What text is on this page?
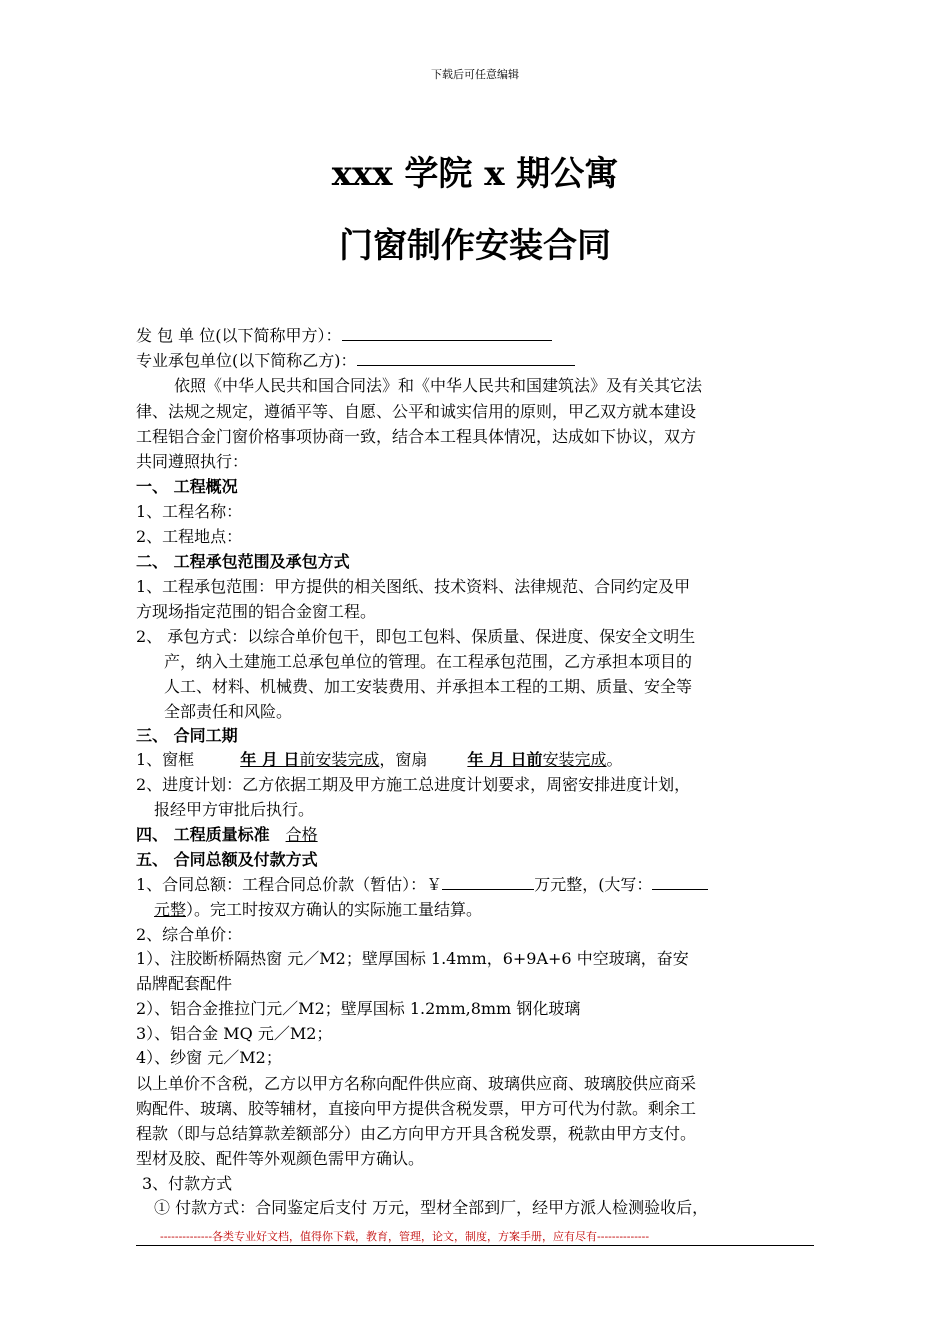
下载后可任意编辑
xxx 学院 x 期公寓
门窗制作安装合同
发 包 单 位(以下简称甲方）：
专业承包单位(以下简称乙方)：
依照《中华人民共和国合同法》和《中华人民共和国建筑法》及有关其它法
律、法规之规定，遵循平等、自愿、公平和诚实信用的原则，甲乙双方就本建设
工程铝合金门窗价格事项协商一致，结合本工程具体情况，达成如下协议，双方
共同遵照执行：
一、 工程概况
1、工程名称：
2、工程地点：
二、 工程承包范围及承包方式
1、工程承包范围：甲方提供的相关图纸、技术资料、法律规范、合同约定及甲
方现场指定范围的铝合金窗工程。
2、 承包方式：以综合单价包干，即包工包料、保质量、保进度、保安全文明生
产，纳入土建施工总承包单位的管理。在工程承包范围，乙方承担本项目的
人工、材料、机械费、加工安装费用、并承担本工程的工期、质量、安全等
全部责任和风险。
三、 合同工期
1、窗框	年 月 日前安装完成，窗扇	年 月 日前安装完成。
2、进度计划：乙方依据工期及甲方施工总进度计划要求，周密安排进度计划，
报经甲方审批后执行。
四、 工程质量标准 合格
五、 合同总额及付款方式
1、合同总额：工程合同总价款（暂估）：￥	万元整，(大写：
元整）。完工时按双方确认的实际施工量结算。
2、综合单价：
1）、注胶断桥隔热窗 元／M2；壁厚国标 1.4mm，6+9A+6 中空玻璃，奋安
品牌配套配件
2）、铝合金推拉门元／M2；壁厚国标 1.2mm,8mm 钢化玻璃
3）、铝合金 MQ 元／M2；
4）、纱窗 元／M2；
以上单价不含税，乙方以甲方名称向配件供应商、玻璃供应商、玻璃胶供应商采
购配件、玻璃、胶等辅材，直接向甲方提供含税发票，甲方可代为付款。剩余工
程款（即与总结算款差额部分）由乙方向甲方开具含税发票，税款由甲方支付。
型材及胶、配件等外观颜色需甲方确认。
3、付款方式
① 付款方式：合同鉴定后支付 万元，型材全部到厂，经甲方派人检测验收后，
--------------各类专业好文档，值得你下载，教育，管理，论文，制度，方案手册，应有尽有--------------
